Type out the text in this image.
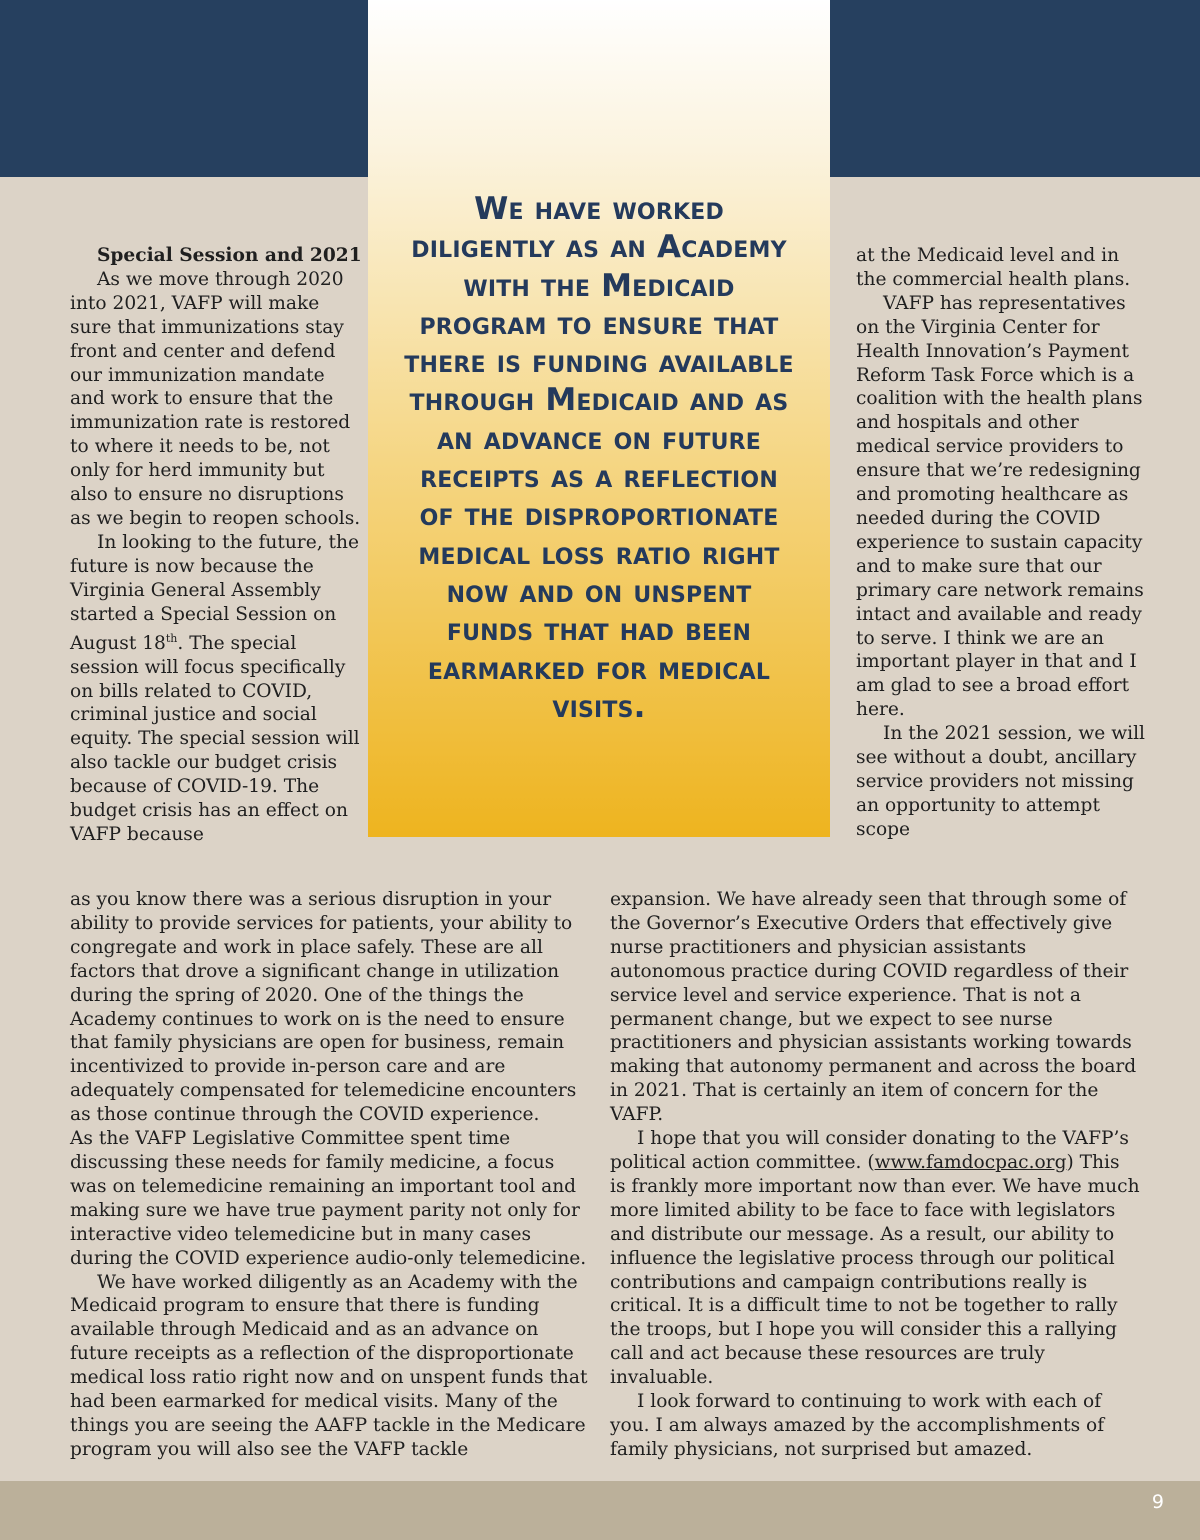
We have worked diligently as an Academy with the Medicaid program to ensure that there is funding available through Medicaid and as an advance on future receipts as a reflection of the disproportionate medical loss ratio right now and on unspent funds that had been earmarked for medical visits.

Special Session and 2021

As we move through 2020 into 2021, VAFP will make sure that immunizations stay front and center and defend our immunization mandate and work to ensure that the immunization rate is restored to where it needs to be, not only for herd immunity but also to ensure no disruptions as we begin to reopen schools.

In looking to the future, the future is now because the Virginia General Assembly started a Special Session on August 18th. The special session will focus specifically on bills related to COVID, criminal justice and social equity. The special session will also tackle our budget crisis because of COVID-19. The budget crisis has an effect on VAFP because

at the Medicaid level and in the commercial health plans.

VAFP has representatives on the Virginia Center for Health Innovation’s Payment Reform Task Force which is a coalition with the health plans and hospitals and other medical service providers to ensure that we’re redesigning and promoting healthcare as needed during the COVID experience to sustain capacity and to make sure that our primary care network remains intact and available and ready to serve. I think we are an important player in that and I am glad to see a broad effort here.

In the 2021 session, we will see without a doubt, ancillary service providers not missing an opportunity to attempt scope

as you know there was a serious disruption in your ability to provide services for patients, your ability to congregate and work in place safely. These are all factors that drove a significant change in utilization during the spring of 2020. One of the things the Academy continues to work on is the need to ensure that family physicians are open for business, remain incentivized to provide in-person care and are adequately compensated for telemedicine encounters as those continue through the COVID experience.

As the VAFP Legislative Committee spent time discussing these needs for family medicine, a focus was on telemedicine remaining an important tool and making sure we have true payment parity not only for interactive video telemedicine but in many cases during the COVID experience audio-only telemedicine.

We have worked diligently as an Academy with the Medicaid program to ensure that there is funding available through Medicaid and as an advance on future receipts as a reflection of the disproportionate medical loss ratio right now and on unspent funds that had been earmarked for medical visits. Many of the things you are seeing the AAFP tackle in the Medicare program you will also see the VAFP tackle

expansion. We have already seen that through some of the Governor’s Executive Orders that effectively give nurse practitioners and physician assistants autonomous practice during COVID regardless of their service level and service experience. That is not a permanent change, but we expect to see nurse practitioners and physician assistants working towards making that autonomy permanent and across the board in 2021. That is certainly an item of concern for the VAFP.

I hope that you will consider donating to the VAFP’s political action committee. (www.famdocpac.org) This is frankly more important now than ever. We have much more limited ability to be face to face with legislators and distribute our message. As a result, our ability to influence the legislative process through our political contributions and campaign contributions really is critical. It is a difficult time to not be together to rally the troops, but I hope you will consider this a rallying call and act because these resources are truly invaluable.

I look forward to continuing to work with each of you. I am always amazed by the accomplishments of family physicians, not surprised but amazed.

9
